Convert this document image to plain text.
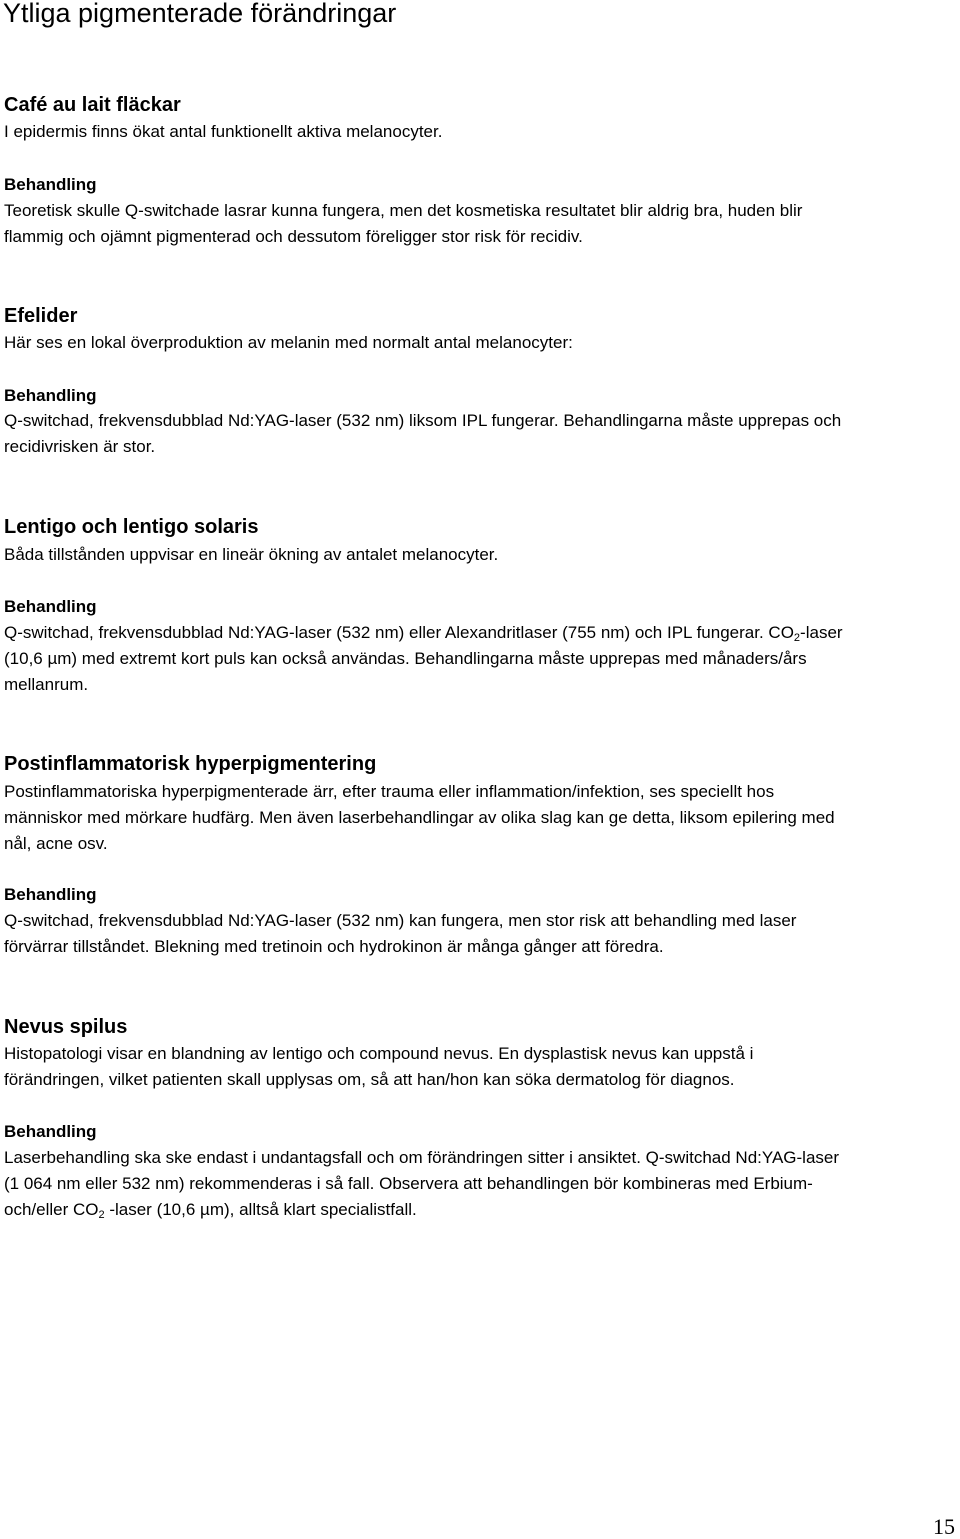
Ytliga pigmenterade förändringar
Café au lait fläckar
I epidermis finns ökat antal funktionellt aktiva melanocyter.
Behandling
Teoretisk skulle Q-switchade lasrar kunna fungera, men det kosmetiska resultatet blir aldrig bra, huden blir
flammig och ojämnt pigmenterad och dessutom föreligger stor risk för recidiv.
Efelider
Här ses en lokal överproduktion av melanin med normalt antal melanocyter:
Behandling
Q-switchad, frekvensdubblad Nd:YAG-laser (532 nm) liksom IPL fungerar. Behandlingarna måste upprepas och
recidivrisken är stor.
Lentigo och lentigo solaris
Båda tillstånden uppvisar en lineär ökning av antalet melanocyter.
Behandling
Q-switchad, frekvensdubblad Nd:YAG-laser (532 nm) eller Alexandritlaser (755 nm) och IPL fungerar. $CO_2$-laser
(10,6 µm) med extremt kort puls kan också användas. Behandlingarna måste upprepas med månaders/års
mellanrum.
Postinflammatorisk hyperpigmentering
Postinflammatoriska hyperpigmenterade ärr, efter trauma eller inflammation/infektion, ses speciellt hos
människor med mörkare hudfärg. Men även laserbehandlingar av olika slag kan ge detta, liksom epilering med
nål, acne osv.
Behandling
Q-switchad, frekvensdubblad Nd:YAG-laser (532 nm) kan fungera, men stor risk att behandling med laser
förvärrar tillståndet. Blekning med tretinoin och hydrokinon är många gånger att föredra.
Nevus spilus
Histopatologi visar en blandning av lentigo och compound nevus. En dysplastisk nevus kan uppstå i
förändringen, vilket patienten skall upplysas om, så att han/hon kan söka dermatolog för diagnos.
Behandling
Laserbehandling ska ske endast i undantagsfall och om förändringen sitter i ansiktet. Q-switchad Nd:YAG-laser
(1 064 nm eller 532 nm) rekommenderas i så fall. Observera att behandlingen bör kombineras med Erbium-
och/eller $CO_2$ -laser (10,6 µm), alltså klart specialistfall.
15
